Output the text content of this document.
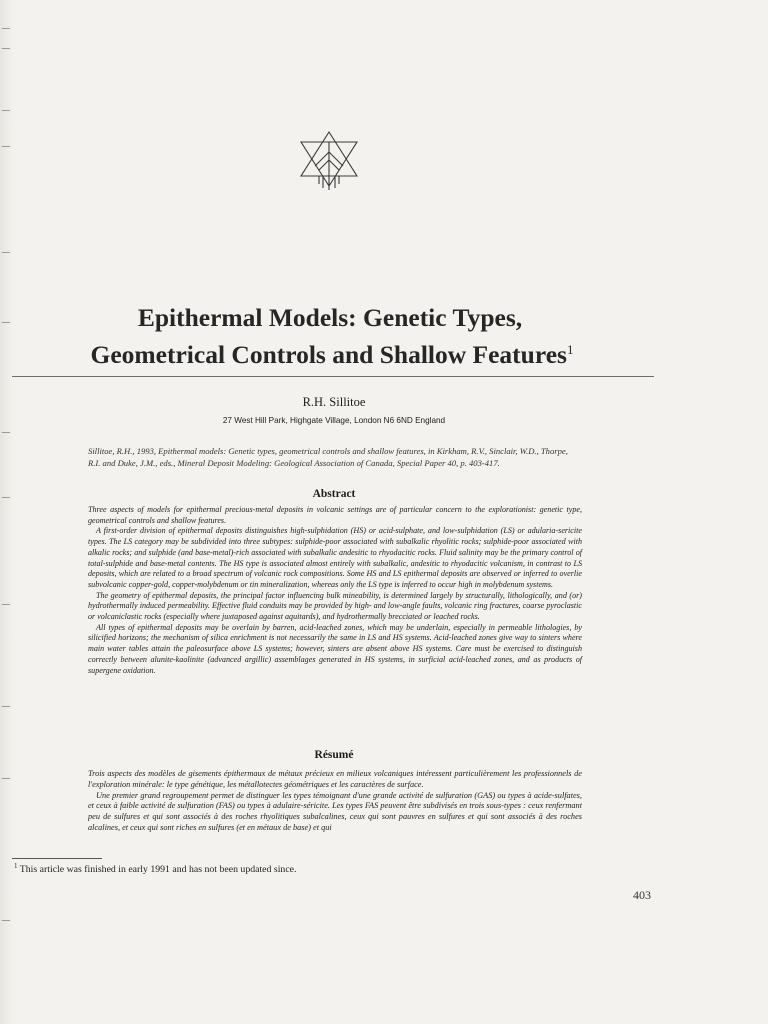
Epithermal Models: Genetic Types,
Geometrical Controls and Shallow Features$^1$
R.H. Sillitoe
27 West Hill Park, Highgate Village, London N6 6ND England
Sillitoe, R.H., 1993, Epithermal models: Genetic types, geometrical controls and shallow features, in Kirkham, R.V., Sinclair, W.D., Thorpe, R.I. and Duke, J.M., eds., Mineral Deposit Modeling: Geological Association of Canada, Special Paper 40, p. 403-417.
Abstract

Three aspects of models for epithermal precious-metal deposits in volcanic settings are of particular concern to the explorationist: genetic type, geometrical controls and shallow features.

A first-order division of epithermal deposits distinguishes high-sulphidation (HS) or acid-sulphate, and low-sulphidation (LS) or adularia-sericite types. The LS category may be subdivided into three subtypes: sulphide-poor associated with subalkalic rhyolitic rocks; sulphide-poor associated with alkalic rocks; and sulphide (and base-metal)-rich associated with subalkalic andesitic to rhyodacitic rocks. Fluid salinity may be the primary control of total-sulphide and base-metal contents. The HS type is associated almost entirely with subalkalic, andesitic to rhyodacitic volcanism, in contrast to LS deposits, which are related to a broad spectrum of volcanic rock compositions. Some HS and LS epithermal deposits are observed or inferred to overlie subvolcanic copper-gold, copper-molybdenum or tin mineralization, whereas only the LS type is inferred to occur high in molybdenum systems.

The geometry of epithermal deposits, the principal factor influencing bulk mineability, is determined largely by structurally, lithologically, and (or) hydrothermally induced permeability. Effective fluid conduits may be provided by high- and low-angle faults, volcanic ring fractures, coarse pyroclastic or volcaniclastic rocks (especially where juxtaposed against aquitards), and hydrothermally brecciated or leached rocks.

All types of epithermal deposits may be overlain by barren, acid-leached zones, which may be underlain, especially in permeable lithologies, by silicified horizons; the mechanism of silica enrichment is not necessarily the same in LS and HS systems. Acid-leached zones give way to sinters where main water tables attain the paleosurface above LS systems; however, sinters are absent above HS systems. Care must be exercised to distinguish correctly between alunite-kaolinite (advanced argillic) assemblages generated in HS systems, in surficial acid-leached zones, and as products of supergene oxidation.

Résumé

Trois aspects des modèles de gisements épithermaux de métaux précieux en milieux volcaniques intéressent particulièrement les professionnels de l'exploration minérale: le type génétique, les métallotectes géométriques et les caractères de surface.

Une premier grand regroupement permet de distinguer les types témoignant d'une grande activité de sulfuration (GAS) ou types à acide-sulfates, et ceux à faible activité de sulfuration (FAS) ou types à adulaire-séricite. Les types FAS peuvent être subdivisés en trois sous-types : ceux renfermant peu de sulfures et qui sont associés à des roches rhyolitiques subalcalines, ceux qui sont pauvres en sulfures et qui sont associés à des roches alcalines, et ceux qui sont riches en sulfures (et en métaux de base) et qui

$^1$ This article was finished in early 1991 and has not been updated since.
403
